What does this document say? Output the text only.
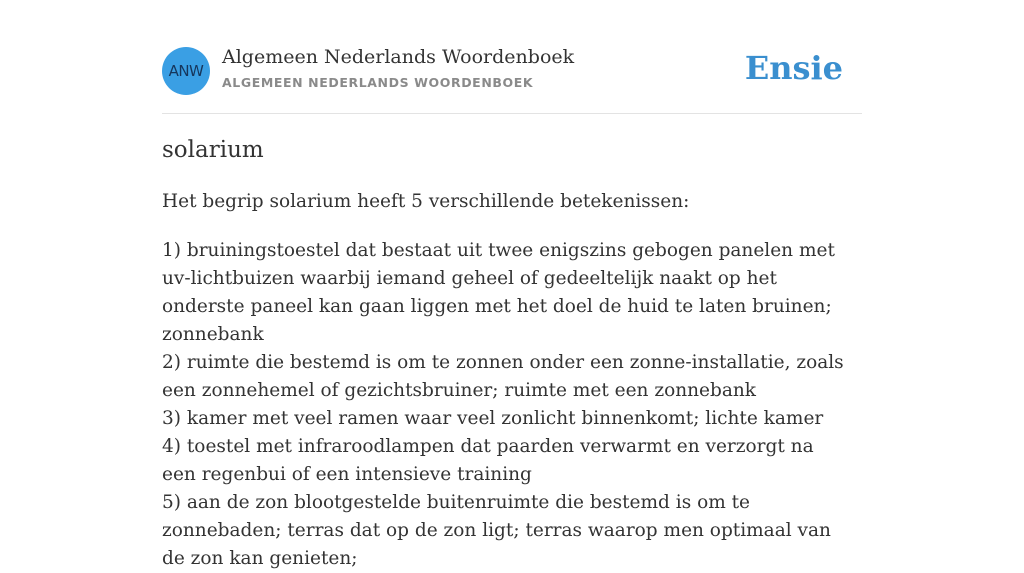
ANW
Algemeen Nederlands Woordenboek
ALGEMEEN NEDERLANDS WOORDENBOEK	Ensie
solarium

Het begrip solarium heeft 5 verschillende betekenissen:

1) bruiningstoestel dat bestaat uit twee enigszins gebogen panelen met uv-lichtbuizen waarbij iemand geheel of gedeeltelijk naakt op het onderste paneel kan gaan liggen met het doel de huid te laten bruinen; zonnebank
2) ruimte die bestemd is om te zonnen onder een zonne-installatie, zoals een zonnehemel of gezichtsbruiner; ruimte met een zonnebank
3) kamer met veel ramen waar veel zonlicht binnenkomt; lichte kamer
4) toestel met infraroodlampen dat paarden verwarmt en verzorgt na een regenbui of een intensieve training
5) aan de zon blootgestelde buitenruimte die bestemd is om te zonnebaden; terras dat op de zon ligt; terras waarop men optimaal van de zon kan genieten;
